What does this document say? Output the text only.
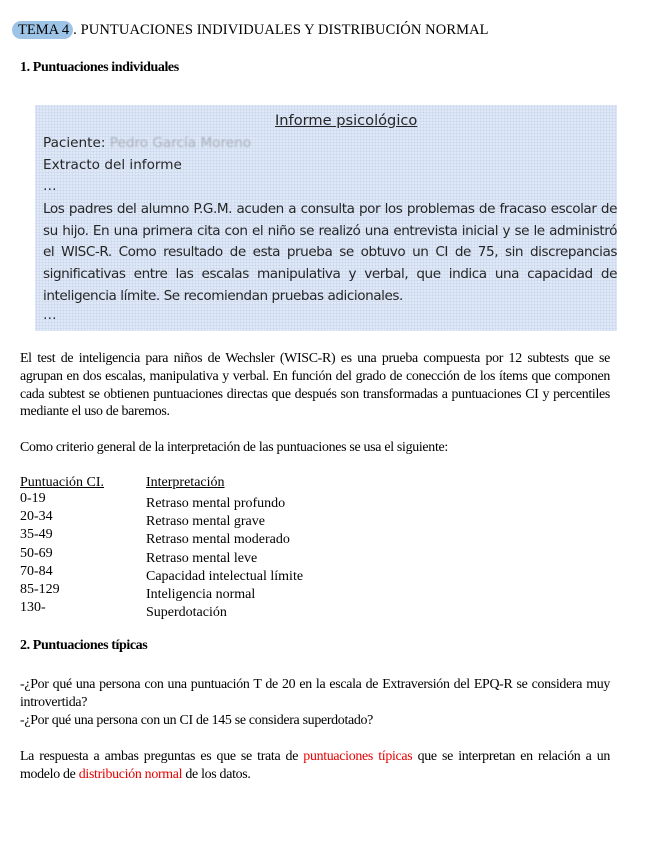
TEMA 4 . PUNTUACIONES INDIVIDUALES Y DISTRIBUCIÓN NORMAL
1. Puntuaciones individuales
Informe psicológico
Paciente: Pedro García Moreno
Extracto del informe
…
Los padres del alumno P.G.M. acuden a consulta por los problemas de fracaso escolar de su hijo. En una primera cita con el niño se realizó una entrevista inicial y se le administró el WISC-R. Como resultado de esta prueba se obtuvo un CI de 75, sin discrepancias significativas entre las escalas manipulativa y verbal, que indica una capacidad de inteligencia límite. Se recomiendan pruebas adicionales.
…
El test de inteligencia para niños de Wechsler (WISC-R) es una prueba compuesta por 12 subtests que se agrupan en dos escalas, manipulativa y verbal. En función del grado de conección de los ítems que componen cada subtest se obtienen puntuaciones directas que después son transformadas a puntuaciones CI y percentiles mediante el uso de baremos.
Como criterio general de la interpretación de las puntuaciones se usa el siguiente:
Puntuación CI.	Interpretación
0-19	Retraso mental profundo
20-34	Retraso mental grave
35-49	Retraso mental moderado
50-69	Retraso mental leve
70-84	Capacidad intelectual límite
85-129	Inteligencia normal
130-	Superdotación
2. Puntuaciones típicas
-¿Por qué una persona con una puntuación T de 20 en la escala de Extraversión del EPQ-R se considera muy introvertida?
-¿Por qué una persona con un CI de 145 se considera superdotado?
La respuesta a ambas preguntas es que se trata de puntuaciones típicas que se interpretan en relación a un modelo de distribución normal de los datos.
